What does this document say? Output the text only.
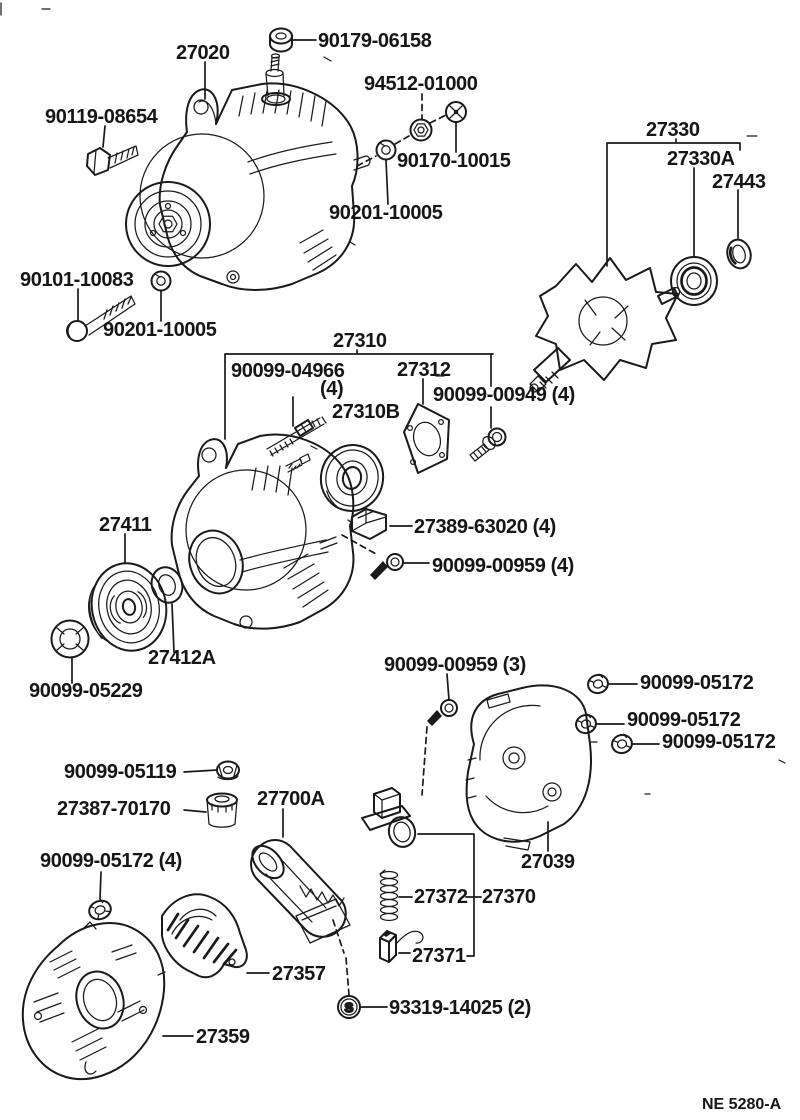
S
90179-06158
27020
94512-01000
90119-08654
90170-10015
90201-10005
27330
27330A
27443
90101-10083
90201-10005	27310
90099-04966
(4)
27312
27310B
90099-00949 (4)
27411	27389-63020 (4)
90099-00959 (4)
27412A
90099-05229
90099-00959 (3)
90099-05172
90099-05172
90099-05172
90099-05119
27387-70170	27700A
90099-05172 (4)	27039
27372 27370
27371
27357
27359
93319-14025 (2)
NE 5280-A
